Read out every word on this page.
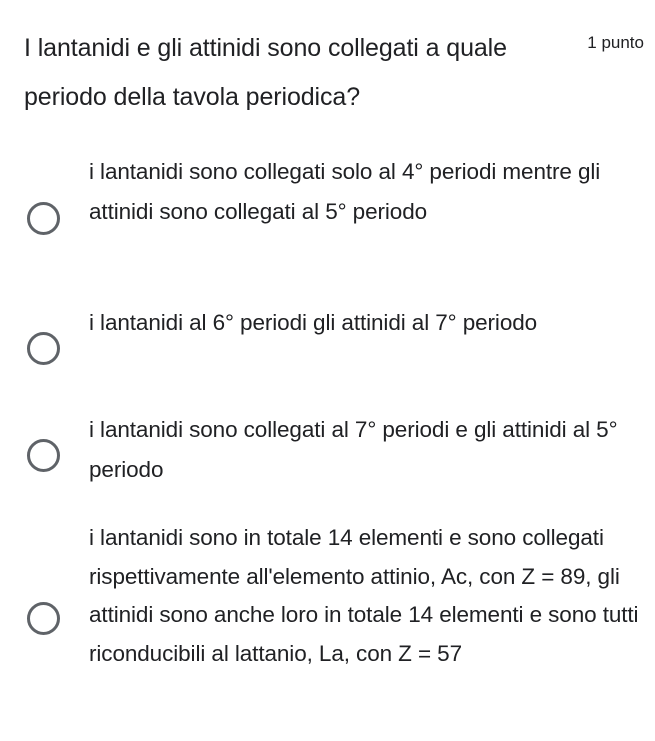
I lantanidi e gli attinidi sono collegati a quale periodo della tavola periodica?
1 punto
i lantanidi sono collegati solo al 4° periodi mentre gli attinidi sono collegati al 5° periodo
i lantanidi al 6° periodi gli attinidi al 7° periodo
i lantanidi sono collegati al 7° periodi e gli attinidi al 5° periodo
i lantanidi sono in totale 14 elementi e sono collegati rispettivamente all'elemento attinio, Ac, con Z = 89, gli attinidi sono anche loro in totale 14 elementi e sono tutti riconducibili al lattanio, La, con Z = 57
